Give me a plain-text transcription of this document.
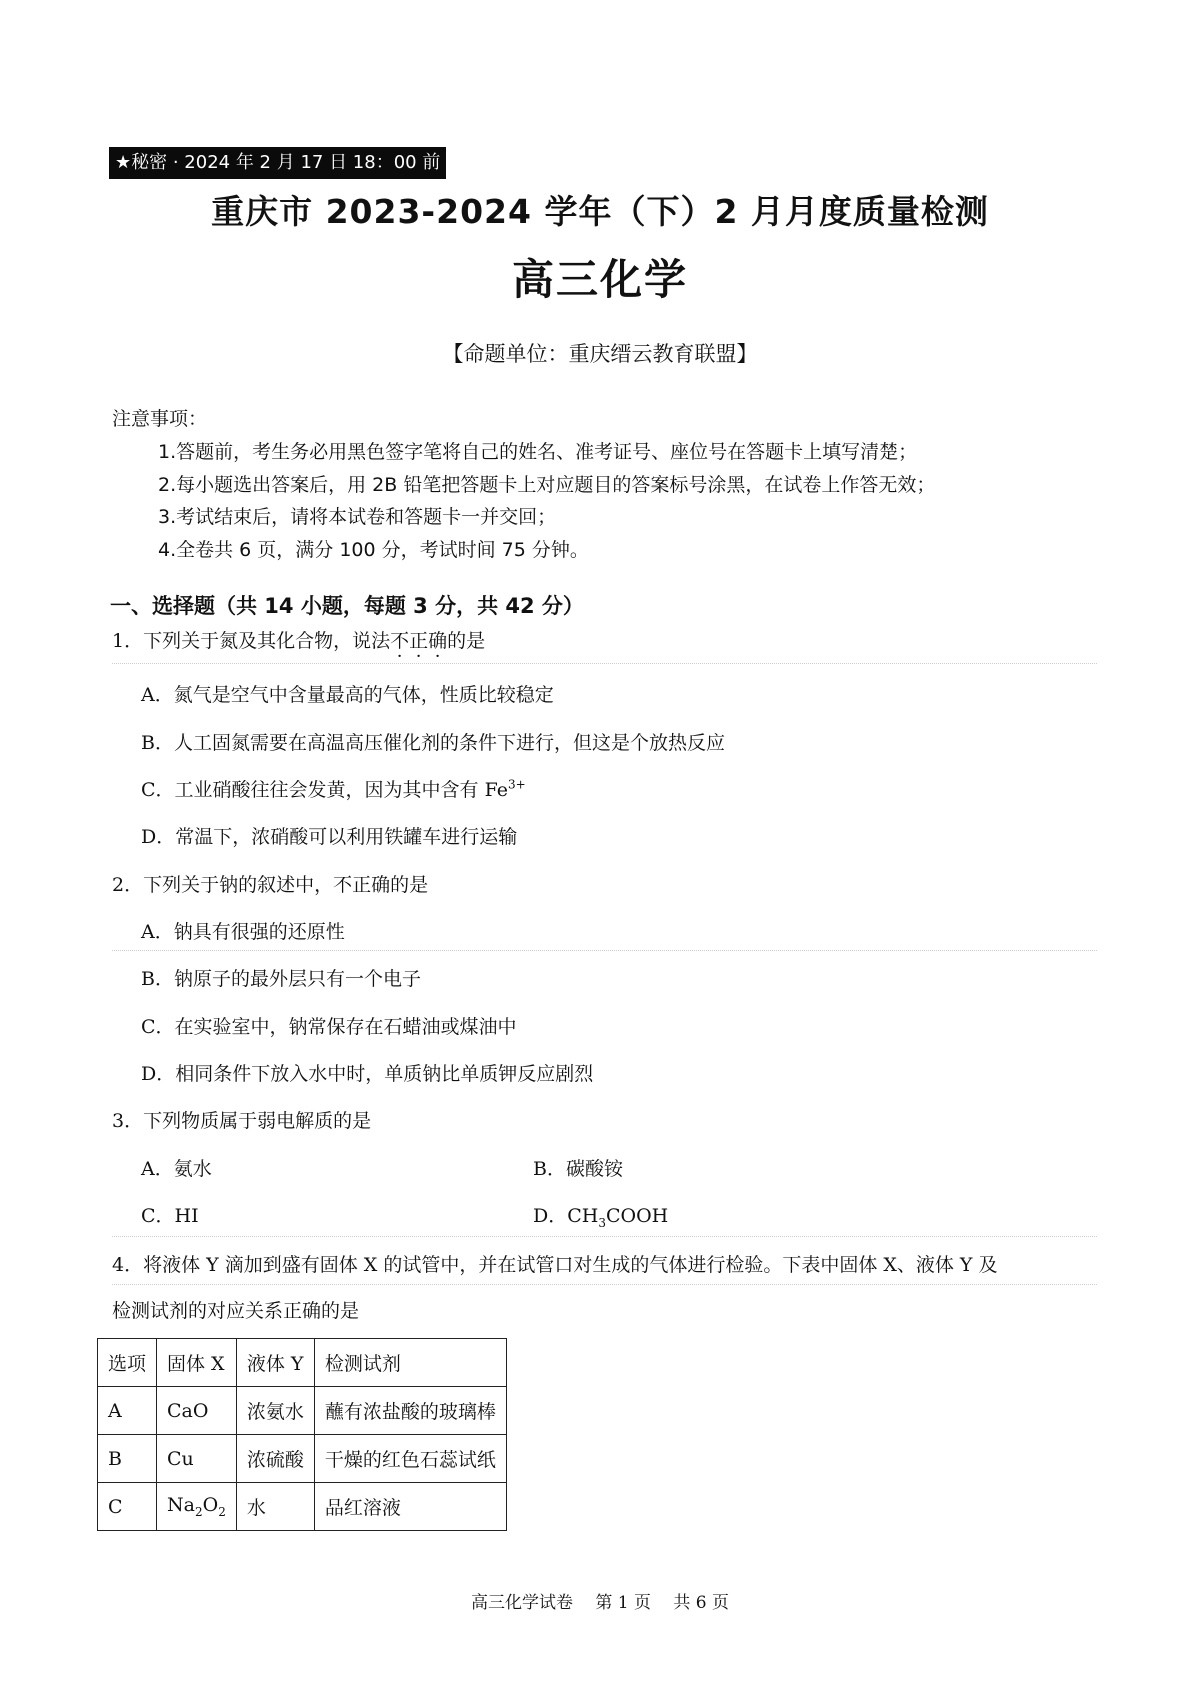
★秘密 · 2024 年 2 月 17 日 18：00 前
重庆市 2023-2024 学年（下）2 月月度质量检测
高三化学
【命题单位：重庆缙云教育联盟】
注意事项：
1.答题前，考生务必用黑色签字笔将自己的姓名、准考证号、座位号在答题卡上填写清楚；
2.每小题选出答案后，用 2B 铅笔把答题卡上对应题目的答案标号涂黑，在试卷上作答无效；
3.考试结束后，请将本试卷和答题卡一并交回；
4.全卷共 6 页，满分 100 分，考试时间 75 分钟。
一、选择题（共 14 小题，每题 3 分，共 42 分）
1．下列关于氮及其化合物，说法不正确的是
A．氮气是空气中含量最高的气体，性质比较稳定
B．人工固氮需要在高温高压催化剂的条件下进行，但这是个放热反应
C．工业硝酸往往会发黄，因为其中含有 $Fe^{3+}$
D．常温下，浓硝酸可以利用铁罐车进行运输
2．下列关于钠的叙述中，不正确的是
A．钠具有很强的还原性
B．钠原子的最外层只有一个电子
C．在实验室中，钠常保存在石蜡油或煤油中
D．相同条件下放入水中时，单质钠比单质钾反应剧烈
3．下列物质属于弱电解质的是
A．氨水	B．碳酸铵
C．HI	D．$CH_3COOH$
4．将液体 Y 滴加到盛有固体 X 的试管中，并在试管口对生成的气体进行检验。下表中固体 X、液体 Y 及
检测试剂的对应关系正确的是
选项	固体 X	液体 Y	检测试剂
A	CaO	浓氨水	蘸有浓盐酸的玻璃棒
B	Cu	浓硫酸	干燥的红色石蕊试纸
C	$Na_2O_2$	水	品红溶液
高三化学试卷　 第 1 页　 共 6 页
